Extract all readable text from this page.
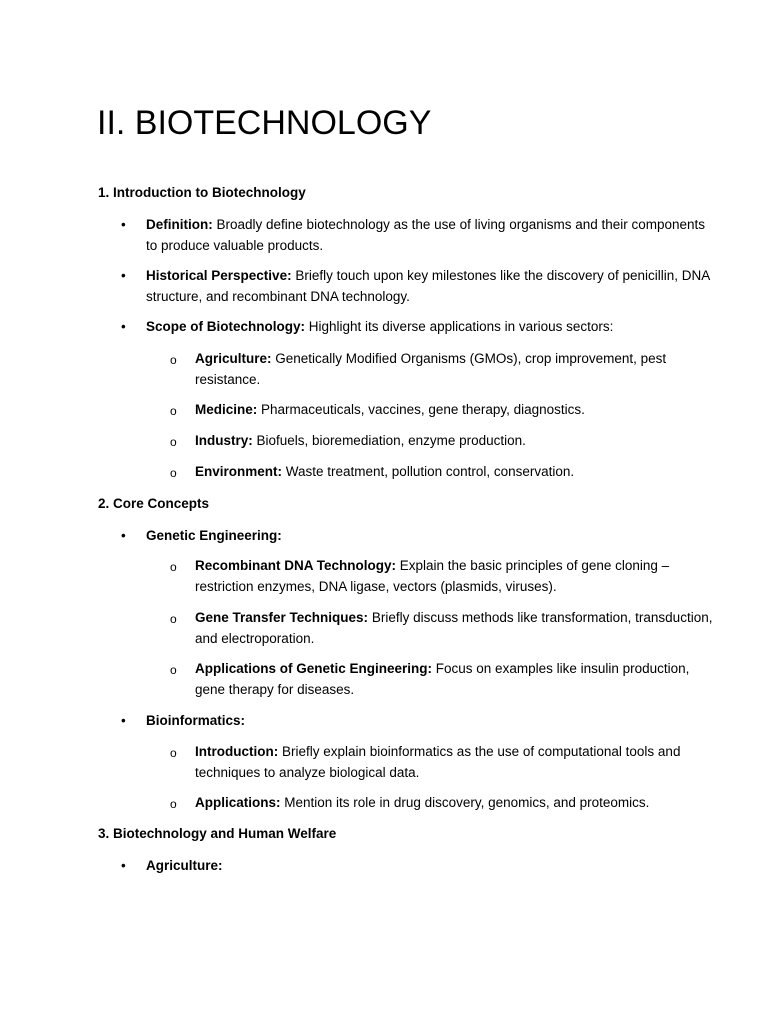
II. BIOTECHNOLOGY
1. Introduction to Biotechnology
• Definition: Broadly define biotechnology as the use of living organisms and their components to produce valuable products.
• Historical Perspective: Briefly touch upon key milestones like the discovery of penicillin, DNA structure, and recombinant DNA technology.
• Scope of Biotechnology: Highlight its diverse applications in various sectors:
o Agriculture: Genetically Modified Organisms (GMOs), crop improvement, pest resistance.
o Medicine: Pharmaceuticals, vaccines, gene therapy, diagnostics.
o Industry: Biofuels, bioremediation, enzyme production.
o Environment: Waste treatment, pollution control, conservation.
2. Core Concepts
• Genetic Engineering:
o Recombinant DNA Technology: Explain the basic principles of gene cloning – restriction enzymes, DNA ligase, vectors (plasmids, viruses).
o Gene Transfer Techniques: Briefly discuss methods like transformation, transduction, and electroporation.
o Applications of Genetic Engineering: Focus on examples like insulin production, gene therapy for diseases.
• Bioinformatics:
o Introduction: Briefly explain bioinformatics as the use of computational tools and techniques to analyze biological data.
o Applications: Mention its role in drug discovery, genomics, and proteomics.
3. Biotechnology and Human Welfare
• Agriculture:
